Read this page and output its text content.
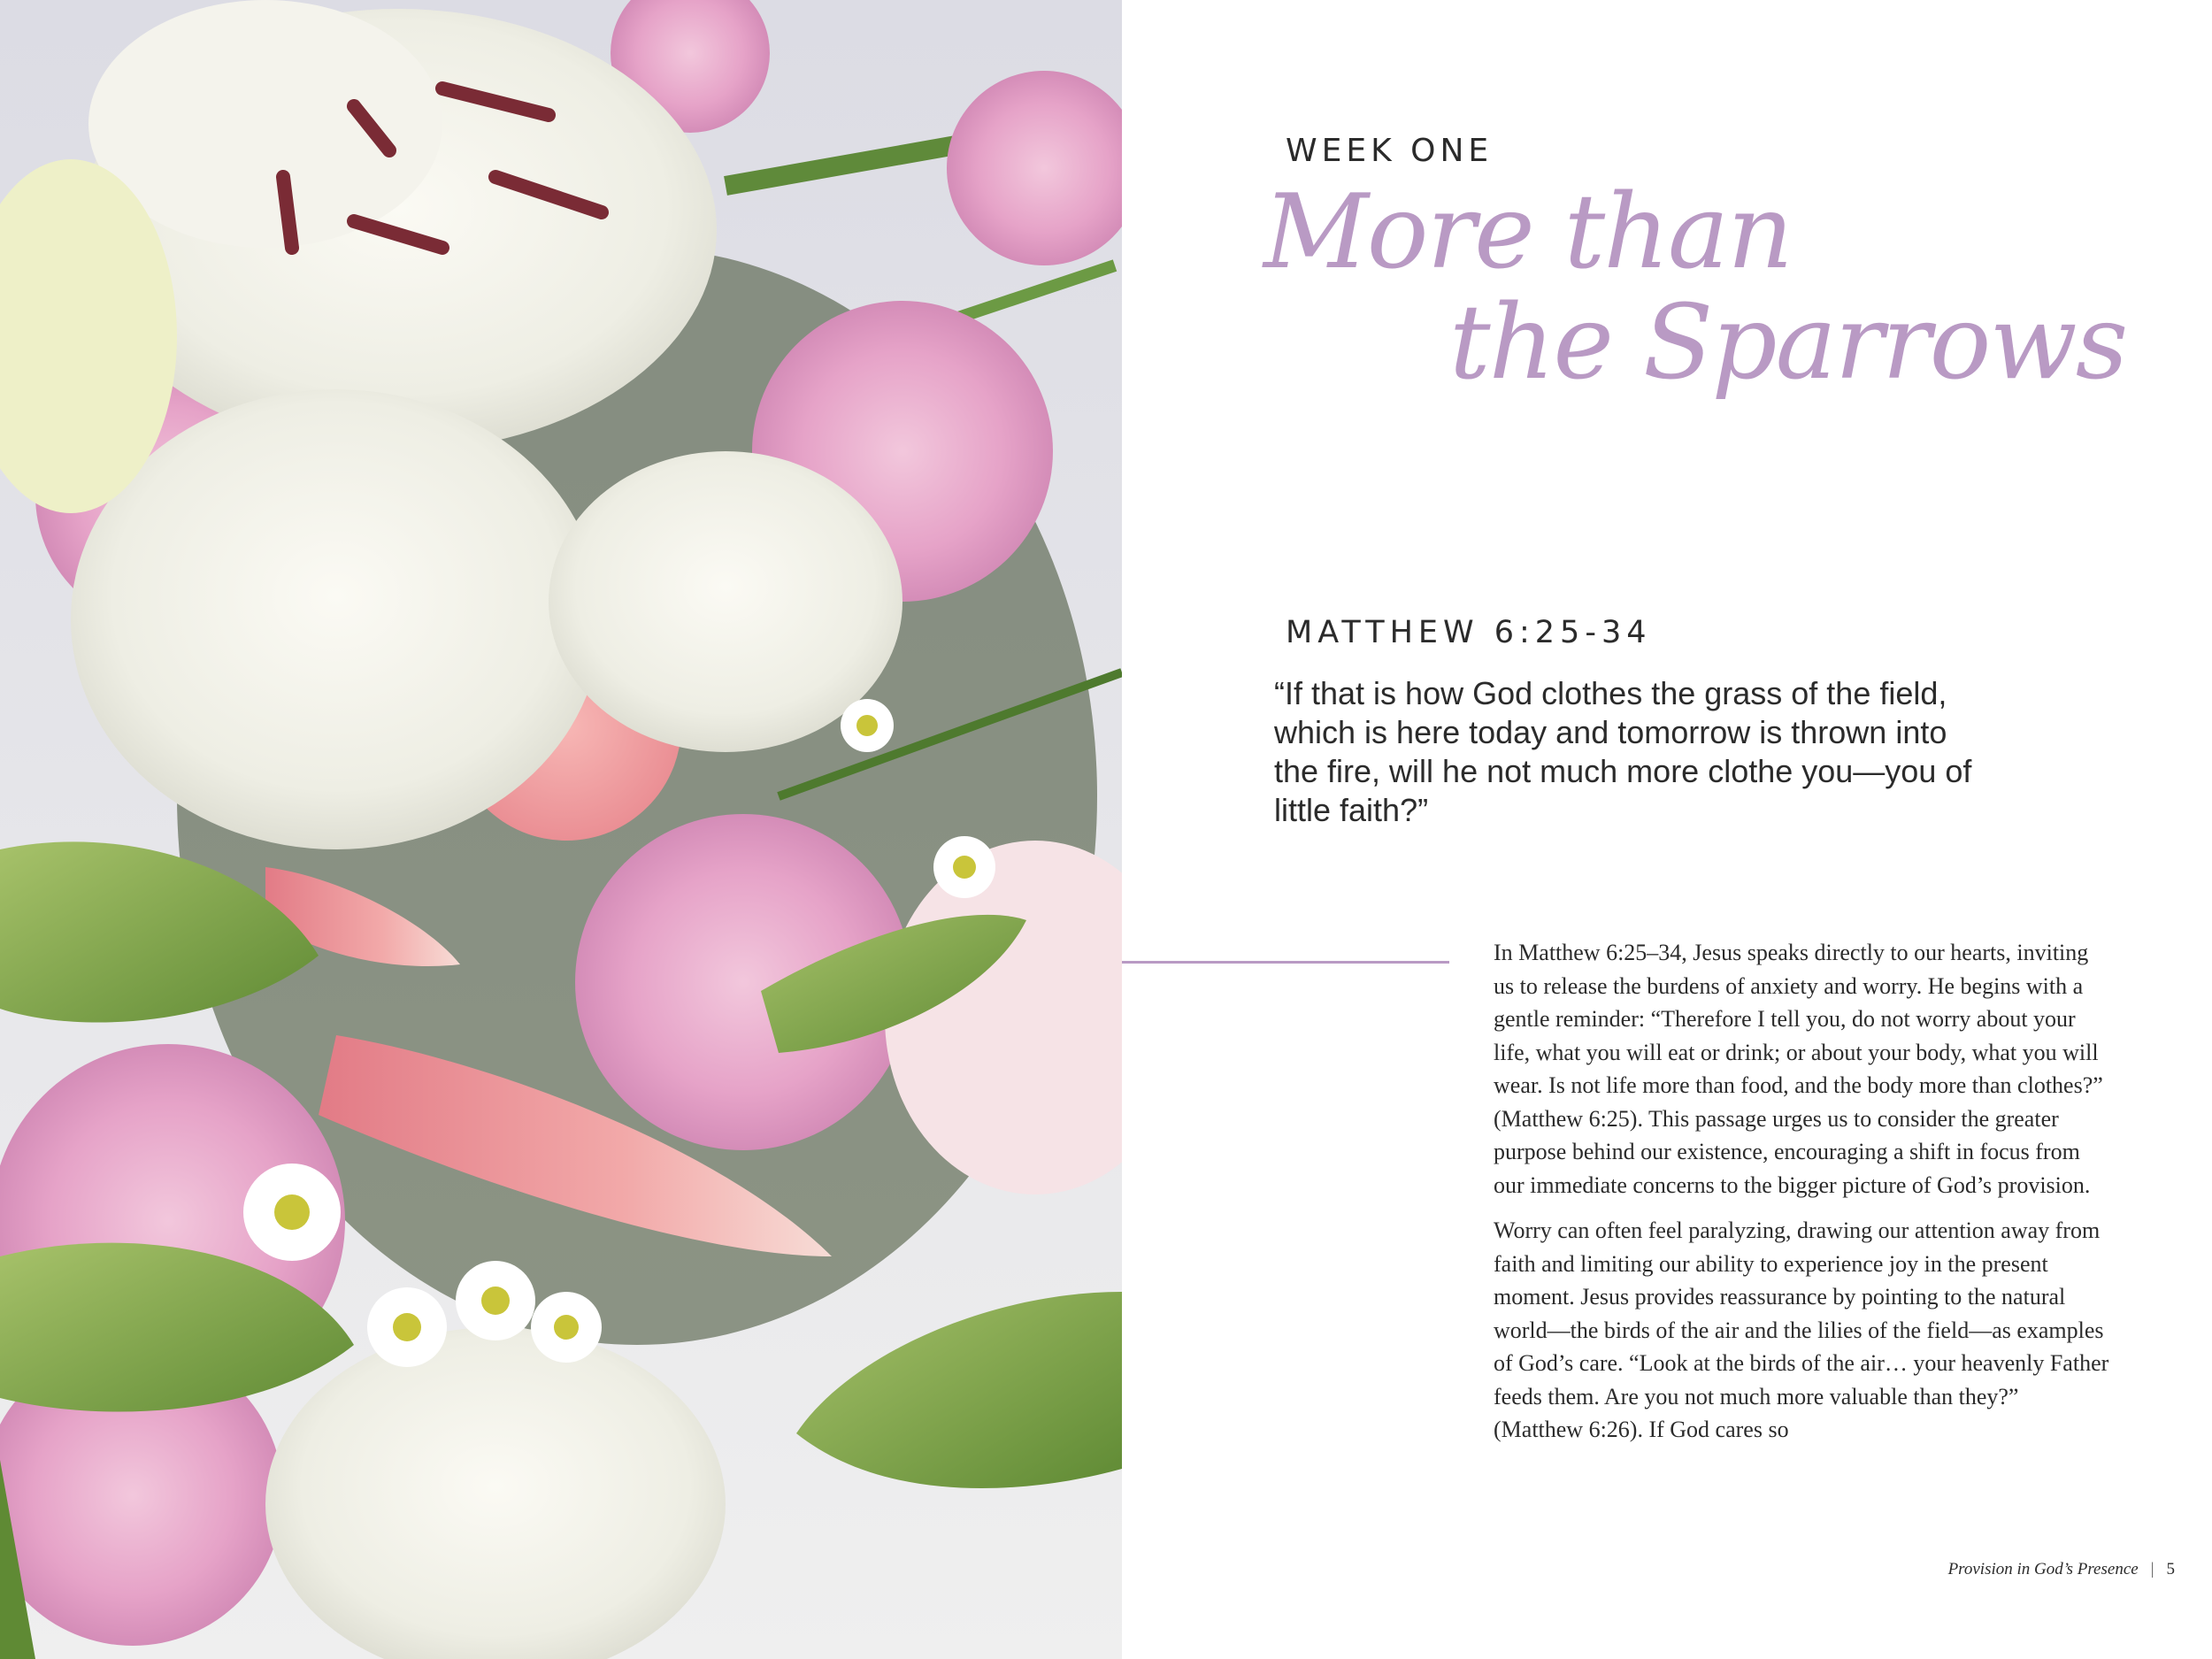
WEEK ONE
More than
the Sparrows
MATTHEW 6:25-34
“If that is how God clothes the grass of the field, which is here today and tomorrow is thrown into the fire, will he not much more clothe you—you of little faith?”

In Matthew 6:25–34, Jesus speaks directly to our hearts, inviting us to release the burdens of anxiety and worry. He begins with a gentle reminder: “Therefore I tell you, do not worry about your life, what you will eat or drink; or about your body, what you will wear. Is not life more than food, and the body more than clothes?” (Matthew 6:25). This passage urges us to consider the greater purpose behind our existence, encouraging a shift in focus from our immediate concerns to the bigger picture of God’s provision.

Worry can often feel paralyzing, drawing our attention away from faith and limiting our ability to experience joy in the present moment. Jesus provides reassurance by pointing to the natural world—the birds of the air and the lilies of the field—as examples of God’s care. “Look at the birds of the air… your heavenly Father feeds them. Are you not much more valuable than they?” (Matthew 6:26). If God cares so

Provision in God’s Presence | 5
